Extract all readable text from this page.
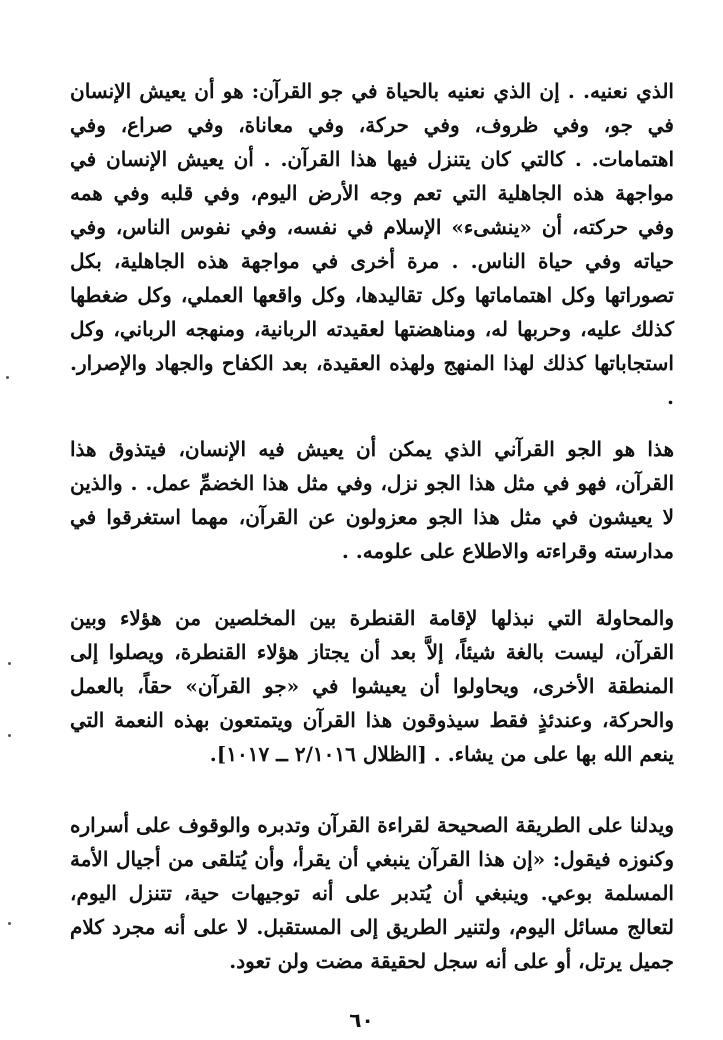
الذي نعنيه. . إن الذي نعنيه بالحياة في جو القرآن: هو أن يعيش الإنسان في جو، وفي ظروف، وفي حركة، وفي معاناة، وفي صراع، وفي اهتمامات. . كالتي كان يتنزل فيها هذا القرآن. . أن يعيش الإنسان في مواجهة هذه الجاهلية التي تعم وجه الأرض اليوم، وفي قلبه وفي همه وفي حركته، أن «ينشىء» الإسلام في نفسه، وفي نفوس الناس، وفي حياته وفي حياة الناس. . مرة أخرى في مواجهة هذه الجاهلية، بكل تصوراتها وكل اهتماماتها وكل تقاليدها، وكل واقعها العملي، وكل ضغطها كذلك عليه، وحربها له، ومناهضتها لعقيدته الربانية، ومنهجه الرباني، وكل استجاباتها كذلك لهذا المنهج ولهذه العقيدة، بعد الكفاح والجهاد والإصرار. .

هذا هو الجو القرآني الذي يمكن أن يعيش فيه الإنسان، فيتذوق هذا القرآن، فهو في مثل هذا الجو نزل، وفي مثل هذا الخضمِّ عمل. . والذين لا يعيشون في مثل هذا الجو معزولون عن القرآن، مهما استغرقوا في مدارسته وقراءته والاطلاع على علومه. .

والمحاولة التي نبذلها لإقامة القنطرة بين المخلصين من هؤلاء وبين القرآن، ليست بالغة شيئاً، إلاَّ بعد أن يجتاز هؤلاء القنطرة، ويصلوا إلى المنطقة الأخرى، ويحاولوا أن يعيشوا في «جو القرآن» حقاً، بالعمل والحركة، وعندئذٍ فقط سيذوقون هذا القرآن ويتمتعون بهذه النعمة التي ينعم الله بها على من يشاء. . [الظلال ٢/١٠١٦ ــ ١٠١٧].

ويدلنا على الطريقة الصحيحة لقراءة القرآن وتدبره والوقوف على أسراره وكنوزه فيقول: «إن هذا القرآن ينبغي أن يقرأ، وأن يُتلقى من أجيال الأمة المسلمة بوعي. وينبغي أن يُتدبر على أنه توجيهات حية، تتنزل اليوم، لتعالج مسائل اليوم، ولتنير الطريق إلى المستقبل. لا على أنه مجرد كلام جميل يرتل، أو على أنه سجل لحقيقة مضت ولن تعود.

٦٠
